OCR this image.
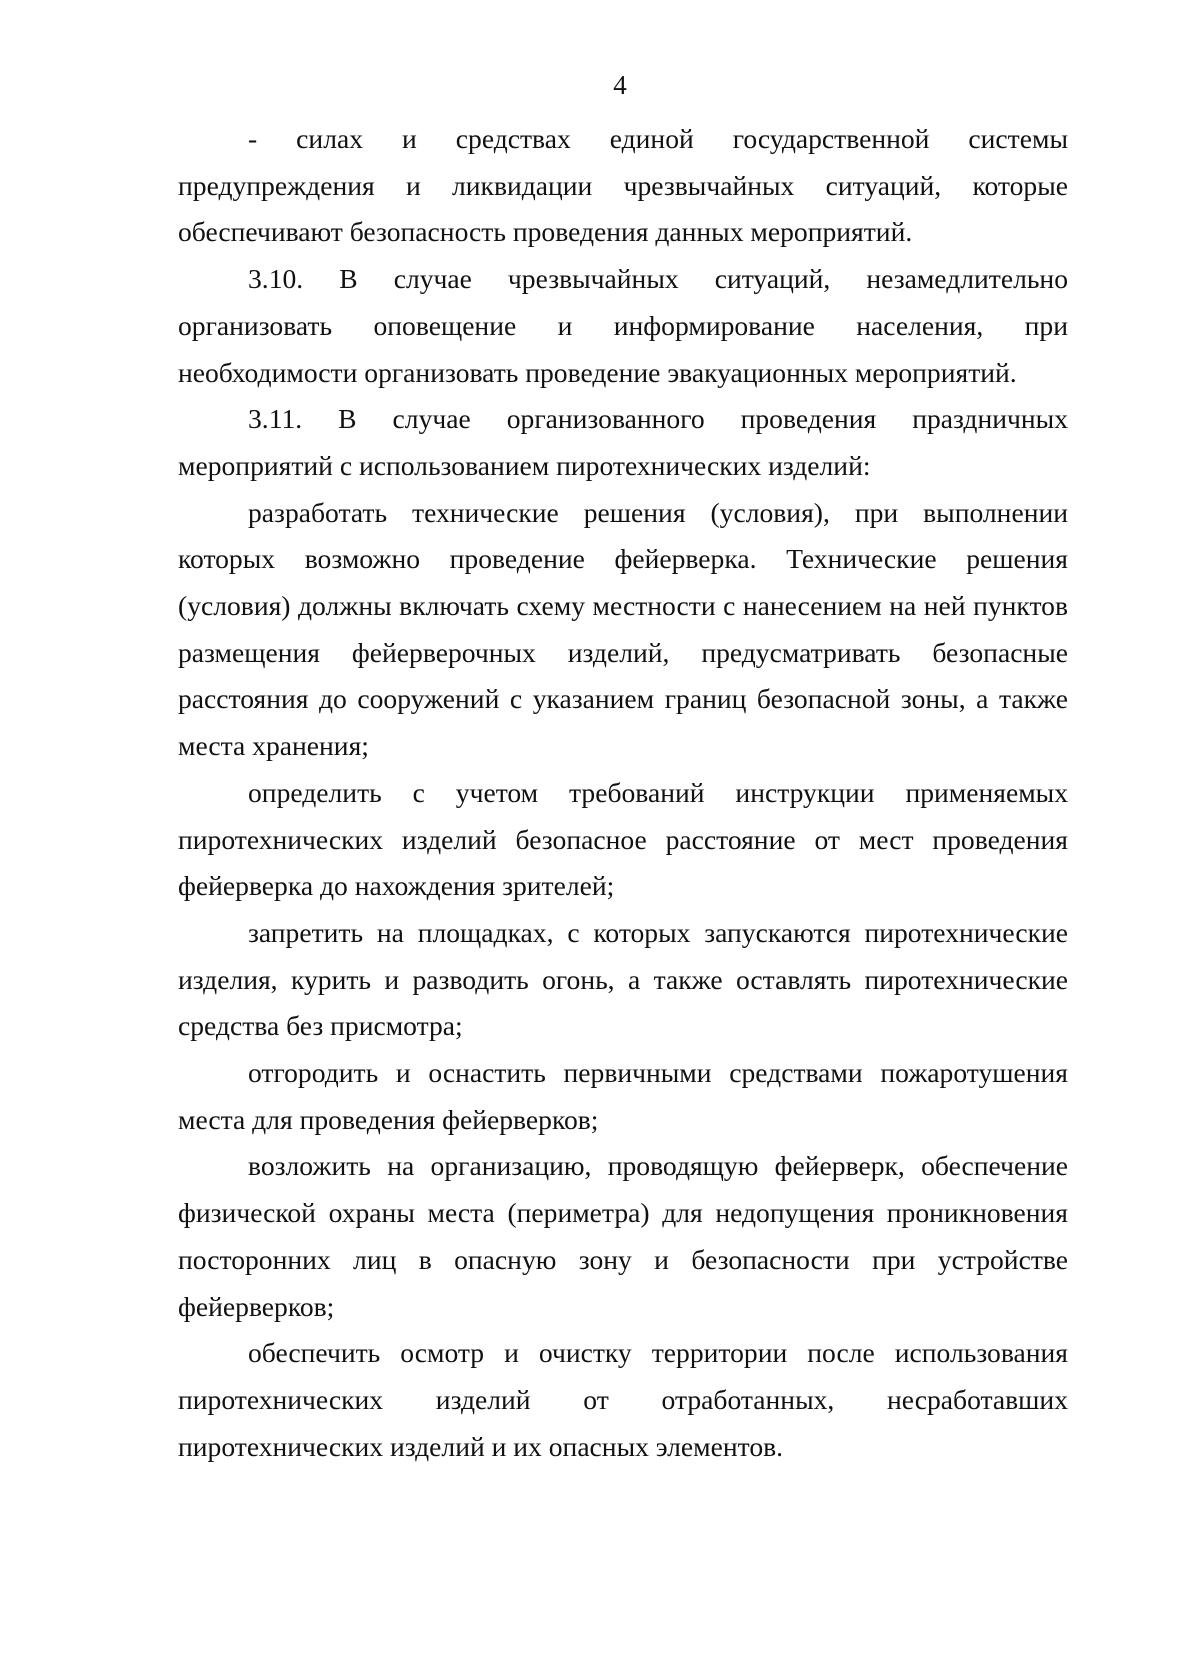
4

- силах и средствах единой государственной системы предупреждения и ликвидации чрезвычайных ситуаций, которые обеспечивают безопасность проведения данных мероприятий.

3.10. В случае чрезвычайных ситуаций, незамедлительно организовать оповещение и информирование населения, при необходимости организовать проведение эвакуационных мероприятий.

3.11. В случае организованного проведения праздничных мероприятий с использованием пиротехнических изделий:

разработать технические решения (условия), при выполнении которых возможно проведение фейерверка. Технические решения (условия) должны включать схему местности с нанесением на ней пунктов размещения фейерверочных изделий, предусматривать безопасные расстояния до сооружений с указанием границ безопасной зоны, а также места хранения;

определить с учетом требований инструкции применяемых пиротехнических изделий безопасное расстояние от мест проведения фейерверка до нахождения зрителей;

запретить на площадках, с которых запускаются пиротехнические изделия, курить и разводить огонь, а также оставлять пиротехнические средства без присмотра;

отгородить и оснастить первичными средствами пожаротушения места для проведения фейерверков;

возложить на организацию, проводящую фейерверк, обеспечение физической охраны места (периметра) для недопущения проникновения посторонних лиц в опасную зону и безопасности при устройстве фейерверков;

обеспечить осмотр и очистку территории после использования пиротехнических изделий от отработанных, несработавших пиротехнических изделий и их опасных элементов.
